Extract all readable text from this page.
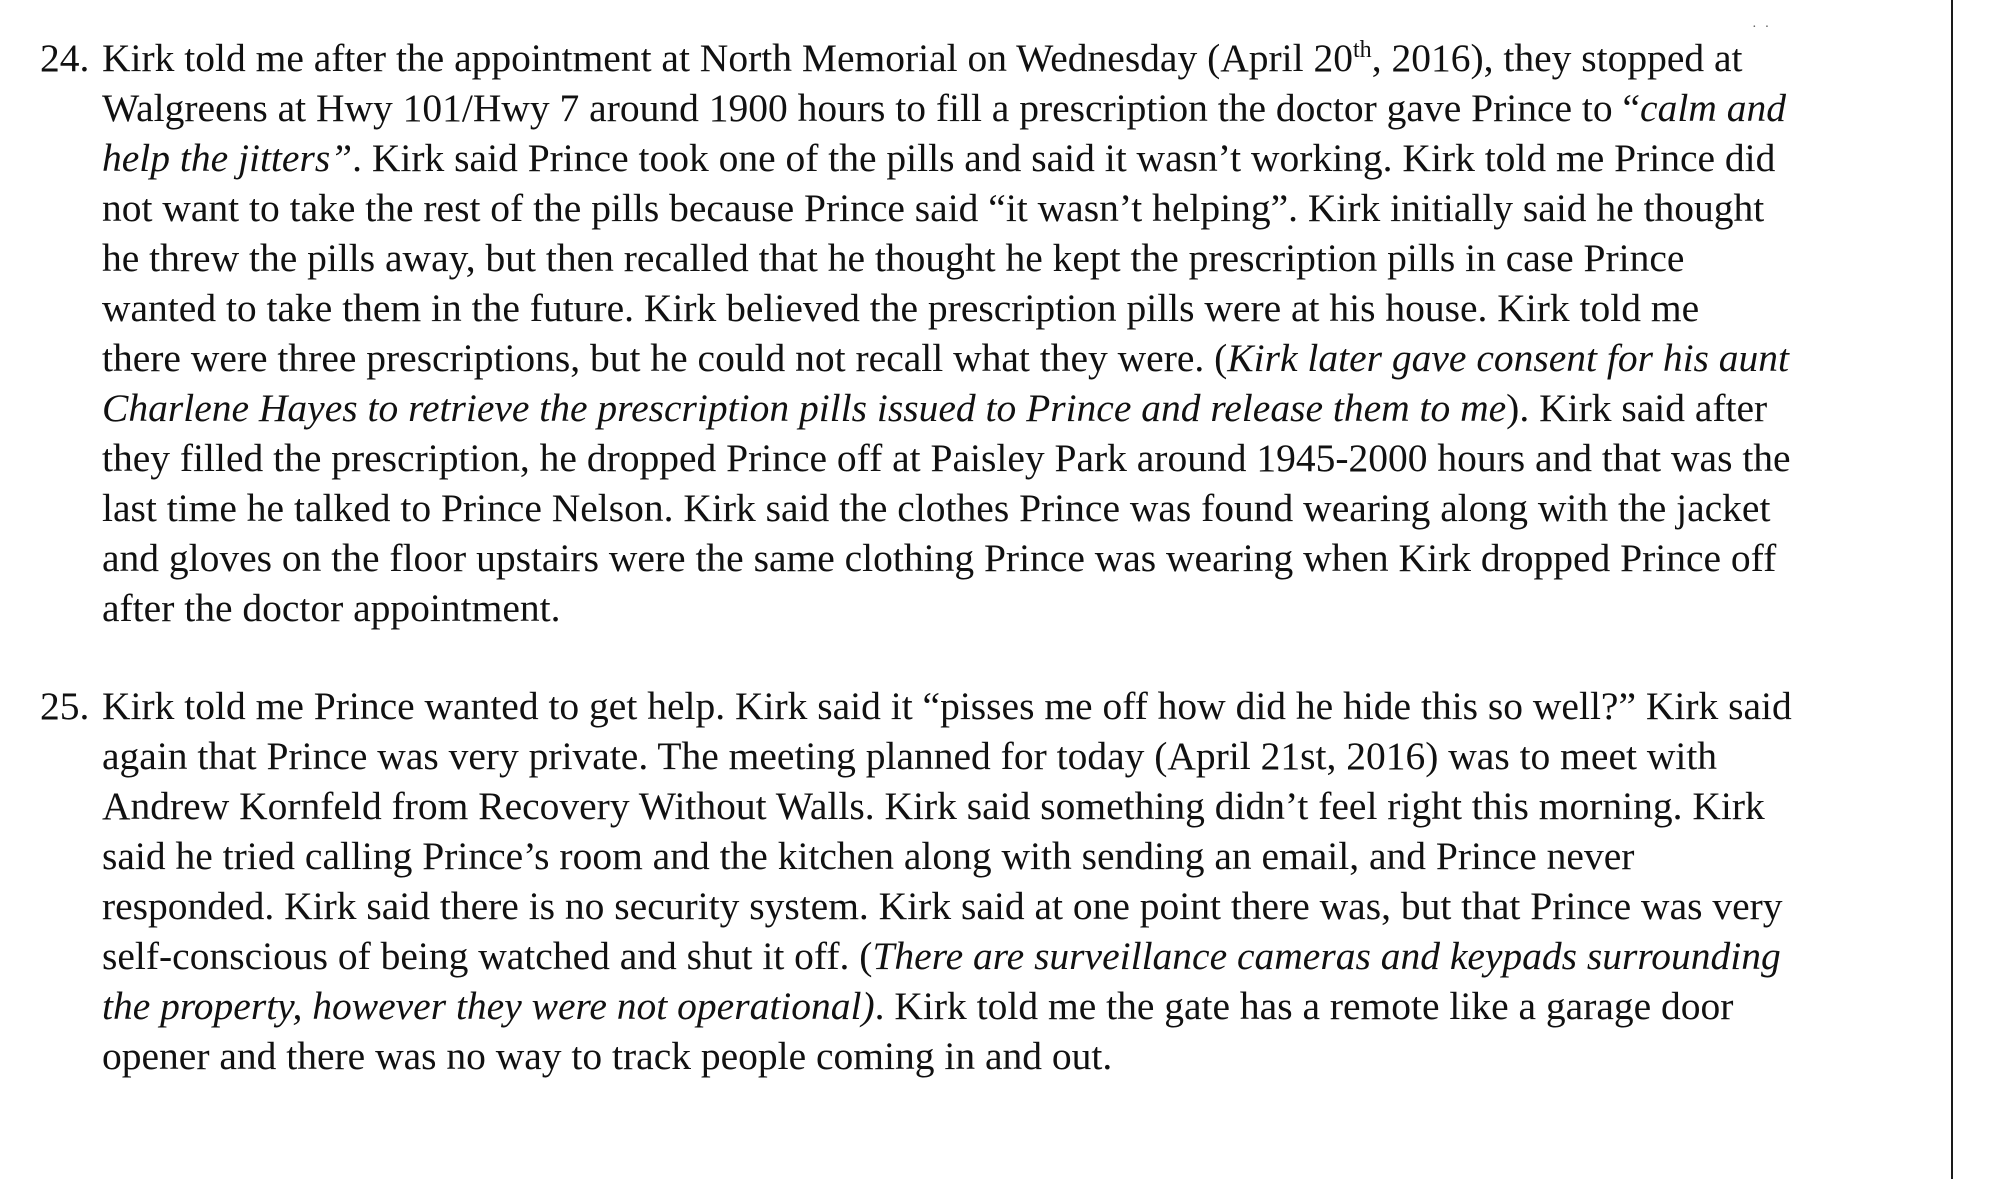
··
24. Kirk told me after the appointment at North Memorial on Wednesday (April 20th, 2016), they stopped at
Walgreens at Hwy 101/Hwy 7 around 1900 hours to fill a prescription the doctor gave Prince to “calm and
help the jitters”. Kirk said Prince took one of the pills and said it wasn’t working. Kirk told me Prince did
not want to take the rest of the pills because Prince said “it wasn’t helping”. Kirk initially said he thought
he threw the pills away, but then recalled that he thought he kept the prescription pills in case Prince
wanted to take them in the future. Kirk believed the prescription pills were at his house. Kirk told me
there were three prescriptions, but he could not recall what they were. (Kirk later gave consent for his aunt
Charlene Hayes to retrieve the prescription pills issued to Prince and release them to me). Kirk said after
they filled the prescription, he dropped Prince off at Paisley Park around 1945-2000 hours and that was the
last time he talked to Prince Nelson. Kirk said the clothes Prince was found wearing along with the jacket
and gloves on the floor upstairs were the same clothing Prince was wearing when Kirk dropped Prince off
after the doctor appointment.
25. Kirk told me Prince wanted to get help. Kirk said it “pisses me off how did he hide this so well?” Kirk said
again that Prince was very private. The meeting planned for today (April 21st, 2016) was to meet with
Andrew Kornfeld from Recovery Without Walls. Kirk said something didn’t feel right this morning. Kirk
said he tried calling Prince’s room and the kitchen along with sending an email, and Prince never
responded. Kirk said there is no security system. Kirk said at one point there was, but that Prince was very
self-conscious of being watched and shut it off. (There are surveillance cameras and keypads surrounding
the property, however they were not operational). Kirk told me the gate has a remote like a garage door
opener and there was no way to track people coming in and out.
